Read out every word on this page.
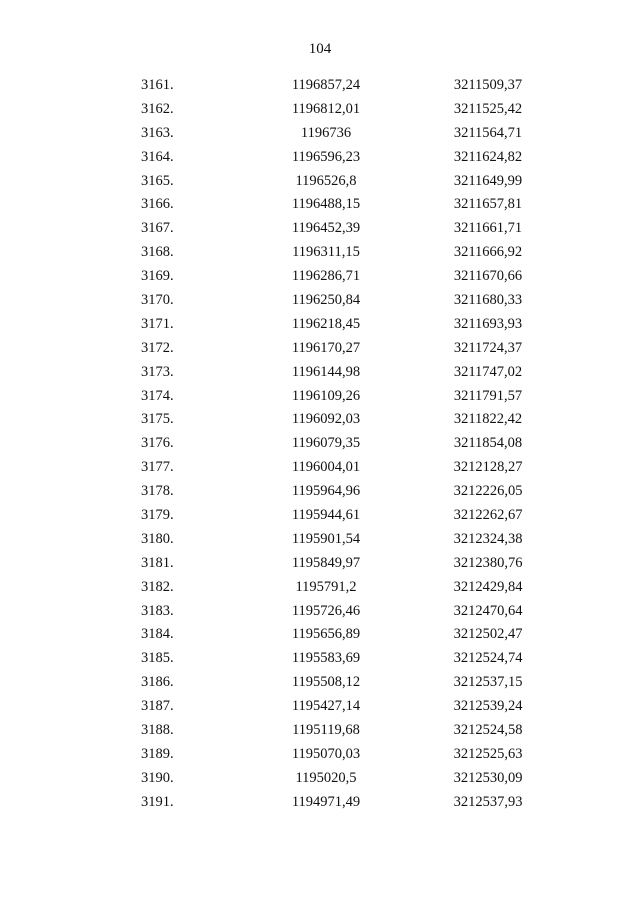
104
3161.	1196857,24	3211509,37
3162.	1196812,01	3211525,42
3163.	1196736	3211564,71
3164.	1196596,23	3211624,82
3165.	1196526,8	3211649,99
3166.	1196488,15	3211657,81
3167.	1196452,39	3211661,71
3168.	1196311,15	3211666,92
3169.	1196286,71	3211670,66
3170.	1196250,84	3211680,33
3171.	1196218,45	3211693,93
3172.	1196170,27	3211724,37
3173.	1196144,98	3211747,02
3174.	1196109,26	3211791,57
3175.	1196092,03	3211822,42
3176.	1196079,35	3211854,08
3177.	1196004,01	3212128,27
3178.	1195964,96	3212226,05
3179.	1195944,61	3212262,67
3180.	1195901,54	3212324,38
3181.	1195849,97	3212380,76
3182.	1195791,2	3212429,84
3183.	1195726,46	3212470,64
3184.	1195656,89	3212502,47
3185.	1195583,69	3212524,74
3186.	1195508,12	3212537,15
3187.	1195427,14	3212539,24
3188.	1195119,68	3212524,58
3189.	1195070,03	3212525,63
3190.	1195020,5	3212530,09
3191.	1194971,49	3212537,93
